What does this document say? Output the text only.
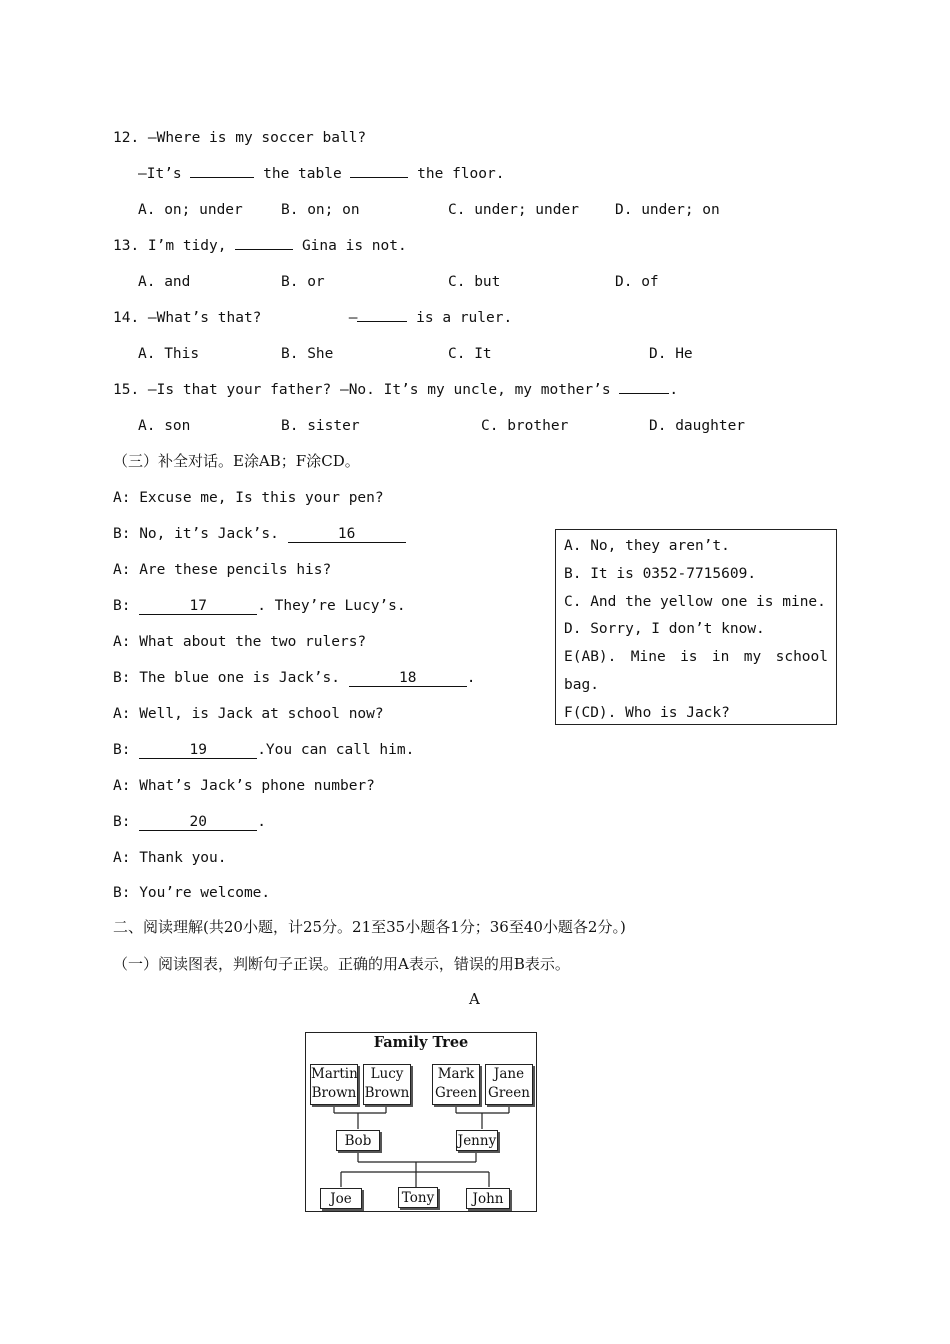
12. —Where is my soccer ball?
—It’s	the table	the floor.
A. on; under	B. on; on	C. under; under D. under; on
13. I’m tidy,	Gina is not.
A. and	B. or	C. but	D. of
14. —What’s that?          —	is a ruler.
A. This	B. She	C. It	D. He
15. —Is that your father? —No. It’s my uncle, my mother’s	.
A. son	B. sister	C. brother	D. daughter
（三）补全对话。E涂AB；F涂CD。
A: Excuse me, Is this your pen?
B: No, it’s Jack’s.	16
A: Are these pencils his?
B:	17	. They’re Lucy’s.
A: What about the two rulers?
B: The blue one is Jack’s.	18	.
A: Well, is Jack at school now?
B:	19	.You can call him.
A: What’s Jack’s phone number?
B:	20	.
A: Thank you.
B: You’re welcome.
A. No, they aren’t.
B. It is 0352-7715609.
C. And the yellow one is mine.
D. Sorry, I don’t know.
E(AB). Mine is in my school
bag.
F(CD). Who is Jack?
二、阅读理解(共20小题，计25分。21至35小题各1分；36至40小题各2分。)
（一）阅读图表，判断句子正误。正确的用A表示，错误的用B表示。
A
Family Tree
Martin Brown
Lucy Brown
Mark Green
Jane Green
Bob	Jenny
Joe	Tony	John
